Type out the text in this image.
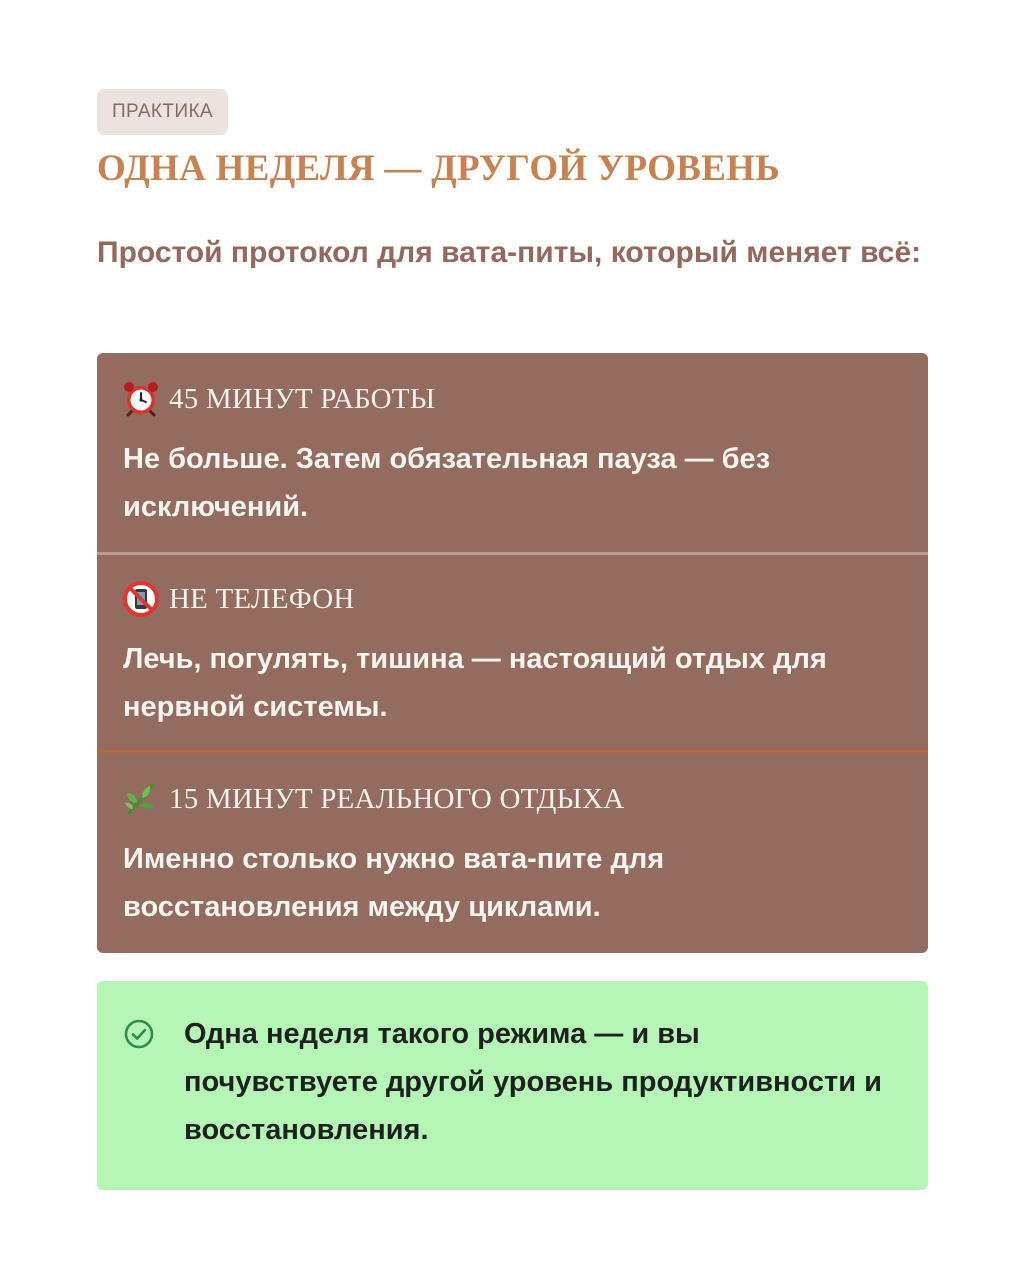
ПРАКТИКА
ОДНА НЕДЕЛЯ — ДРУГОЙ УРОВЕНЬ

Простой протокол для вата-питы, который меняет всё:

45 МИНУТ РАБОТЫ

Не больше. Затем обязательная пауза — без исключений.

НЕ ТЕЛЕФОН

Лечь, погулять, тишина — настоящий отдых для нервной системы.

15 МИНУТ РЕАЛЬНОГО ОТДЫХА

Именно столько нужно вата-пите для восстановления между циклами.

Одна неделя такого режима — и вы почувствуете другой уровень продуктивности и восстановления.
